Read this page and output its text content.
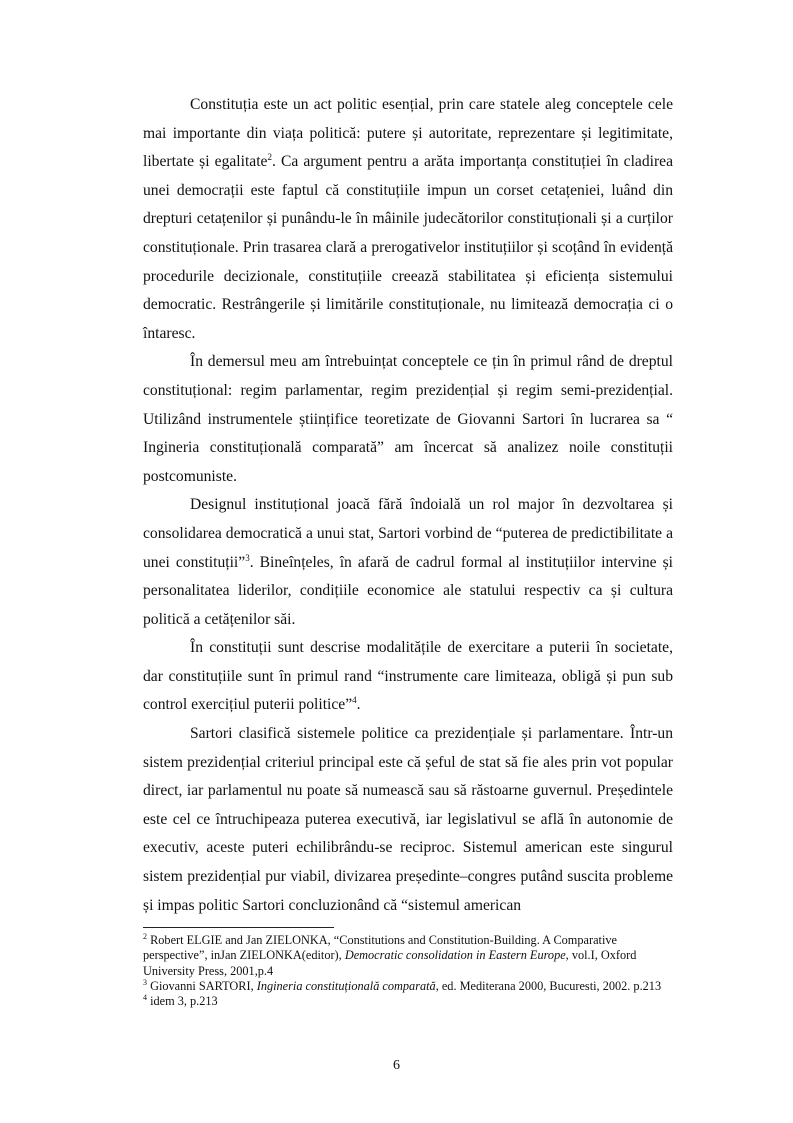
Constituția este un act politic esențial, prin care statele aleg conceptele cele mai importante din viața politică: putere și autoritate, reprezentare și legitimitate, libertate și egalitate$^2$. Ca argument pentru a arăta importanța constituției în cladirea unei democrații este faptul că constituțiile impun un corset cetațeniei, luând din drepturi cetațenilor și punându-le în mâinile judecătorilor constituționali și a curților constituționale. Prin trasarea clară a prerogativelor instituțiilor și scoțând în evidență procedurile decizionale, constituțiile creează stabilitatea și eficiența sistemului democratic. Restrângerile și limitările constituționale, nu limitează democrația ci o întaresc.

În demersul meu am întrebuințat conceptele ce țin în primul rând de dreptul constituțional: regim parlamentar, regim prezidențial și regim semi-prezidențial. Utilizând instrumentele științifice teoretizate de Giovanni Sartori în lucrarea sa “ Ingineria constituțională comparată” am încercat să analizez noile constituții postcomuniste.

Designul instituțional joacă fără îndoială un rol major în dezvoltarea și consolidarea democratică a unui stat, Sartori vorbind de “puterea de predictibilitate a unei constituții”$^3$. Bineînțeles, în afară de cadrul formal al instituțiilor intervine și personalitatea liderilor, condițiile economice ale statului respectiv ca și cultura politică a cetățenilor săi.

În constituții sunt descrise modalitățile de exercitare a puterii în societate, dar constituțiile sunt în primul rand “instrumente care limiteaza, obligă și pun sub control exercițiul puterii politice”$^4$.

Sartori clasifică sistemele politice ca prezidențiale și parlamentare. Într-un sistem prezidențial criteriul principal este că șeful de stat să fie ales prin vot popular direct, iar parlamentul nu poate să numească sau să răstoarne guvernul. Președintele este cel ce întruchipeaza puterea executivă, iar legislativul se află în autonomie de executiv, aceste puteri echilibrându-se reciproc. Sistemul american este singurul sistem prezidențial pur viabil, divizarea președinte–congres putând suscita probleme și impas politic Sartori concluzionând că “sistemul american

$^2$ Robert ELGIE and Jan ZIELONKA, “Constitutions and Constitution-Building. A Comparative perspective”, inJan ZIELONKA(editor), Democratic consolidation in Eastern Europe, vol.I, Oxford University Press, 2001,p.4

$^3$ Giovanni SARTORI, Ingineria constituțională comparată, ed. Mediterana 2000, Bucuresti, 2002. p.213

$^4$ idem 3, p.213

6
